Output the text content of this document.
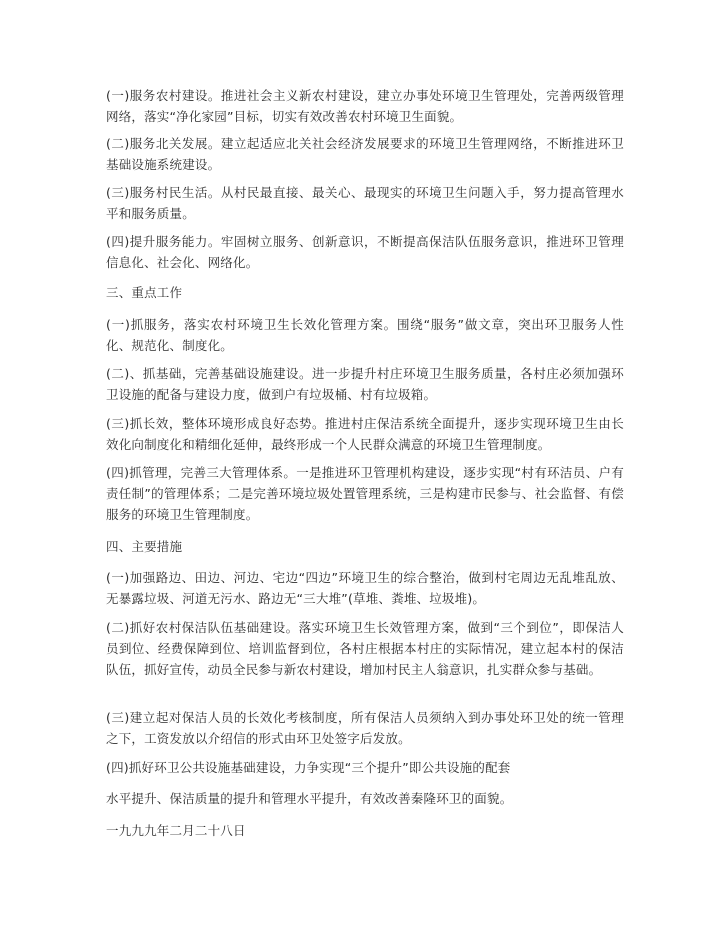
(一)服务农村建设。推进社会主义新农村建设，建立办事处环境卫生管理处，完善两级管理网络，落实“净化家园”目标，切实有效改善农村环境卫生面貌。

(二)服务北关发展。建立起适应北关社会经济发展要求的环境卫生管理网络，不断推进环卫基础设施系统建设。

(三)服务村民生活。从村民最直接、最关心、最现实的环境卫生问题入手，努力提高管理水平和服务质量。

(四)提升服务能力。牢固树立服务、创新意识，不断提高保洁队伍服务意识，推进环卫管理信息化、社会化、网络化。

三、重点工作

(一)抓服务，落实农村环境卫生长效化管理方案。围绕“服务”做文章，突出环卫服务人性化、规范化、制度化。

(二)、抓基础，完善基础设施建设。进一步提升村庄环境卫生服务质量，各村庄必须加强环卫设施的配备与建设力度，做到户有垃圾桶、村有垃圾箱。

(三)抓长效，整体环境形成良好态势。推进村庄保洁系统全面提升，逐步实现环境卫生由长效化向制度化和精细化延伸，最终形成一个人民群众满意的环境卫生管理制度。

(四)抓管理，完善三大管理体系。一是推进环卫管理机构建设，逐步实现“村有环洁员、户有责任制”的管理体系；二是完善环境垃圾处置管理系统，三是构建市民参与、社会监督、有偿服务的环境卫生管理制度。

四、主要措施

(一)加强路边、田边、河边、宅边“四边”环境卫生的综合整治，做到村宅周边无乱堆乱放、无暴露垃圾、河道无污水、路边无“三大堆”(草堆、粪堆、垃圾堆)。

(二)抓好农村保洁队伍基础建设。落实环境卫生长效管理方案，做到“三个到位”，即保洁人员到位、经费保障到位、培训监督到位，各村庄根据本村庄的实际情况，建立起本村的保洁队伍，抓好宣传，动员全民参与新农村建设，增加村民主人翁意识，扎实群众参与基础。

(三)建立起对保洁人员的长效化考核制度，所有保洁人员须纳入到办事处环卫处的统一管理之下，工资发放以介绍信的形式由环卫处签字后发放。

(四)抓好环卫公共设施基础建设，力争实现“三个提升”即公共设施的配套

水平提升、保洁质量的提升和管理水平提升，有效改善秦隆环卫的面貌。

一九九九年二月二十八日
